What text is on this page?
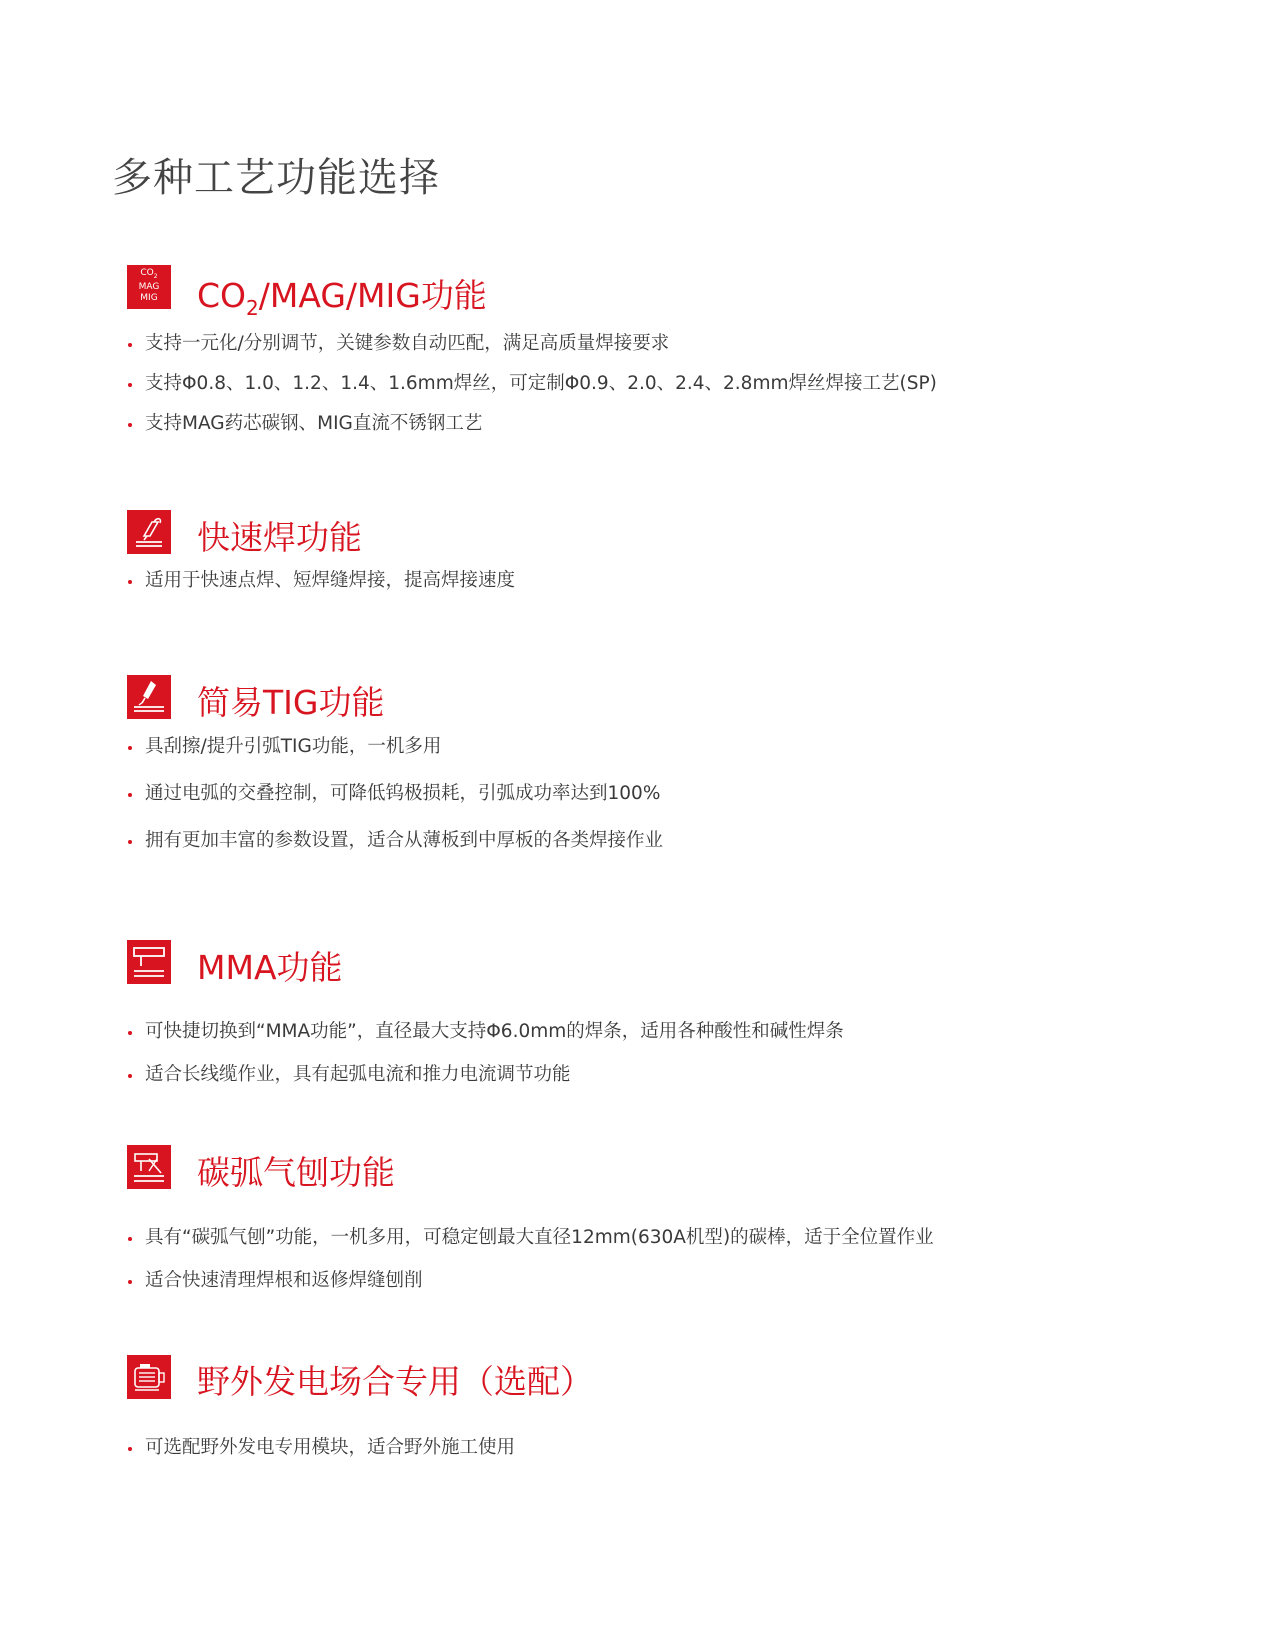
多种工艺功能选择
$CO_2$
MAG
MIG	$CO_2/MAG$/MIG功能
支持一元化/分别调节，关键参数自动匹配，满足高质量焊接要求
支持Φ0.8、1.0、1.2、1.4、1.6mm焊丝，可定制Φ0.9、2.0、2.4、2.8mm焊丝焊接工艺(SP)
支持MAG药芯碳钢、MIG直流不锈钢工艺
快速焊功能
适用于快速点焊、短焊缝焊接，提高焊接速度
简易TIG功能
具刮擦/提升引弧TIG功能，一机多用
通过电弧的交叠控制，可降低钨极损耗，引弧成功率达到100%
拥有更加丰富的参数设置，适合从薄板到中厚板的各类焊接作业
MMA功能
可快捷切换到“MMA功能”，直径最大支持Φ6.0mm的焊条，适用各种酸性和碱性焊条
适合长线缆作业，具有起弧电流和推力电流调节功能
碳弧气刨功能
具有“碳弧气刨”功能，一机多用，可稳定刨最大直径12mm(630A机型)的碳棒，适于全位置作业
适合快速清理焊根和返修焊缝刨削
野外发电场合专用（选配）
可选配野外发电专用模块，适合野外施工使用
